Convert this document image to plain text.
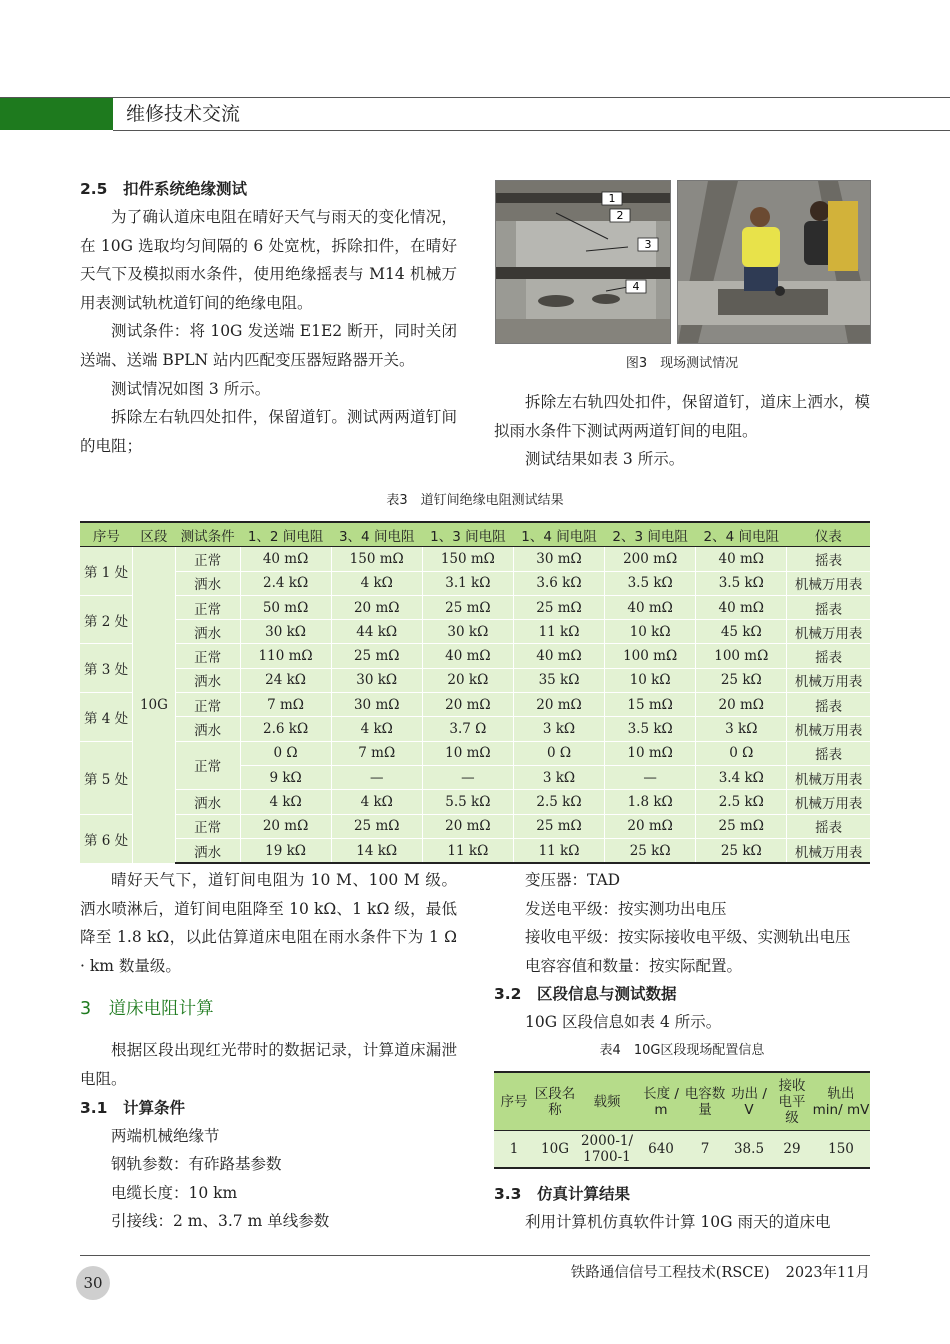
维修技术交流

2.5　扣件系统绝缘测试

为了确认道床电阻在晴好天气与雨天的变化情况，在 10G 选取均匀间隔的 6 处宽枕，拆除扣件，在晴好天气下及模拟雨水条件，使用绝缘摇表与 M14 机械万用表测试轨枕道钉间的绝缘电阻。

测试条件：将 10G 发送端 E1E2 断开，同时关闭送端、送端 BPLN 站内匹配变压器短路器开关。

测试情况如图 3 所示。

拆除左右轨四处扣件，保留道钉。测试两两道钉间的电阻；

1
2
3
4
图3　现场测试情况

拆除左右轨四处扣件，保留道钉，道床上洒水，模拟雨水条件下测试两两道钉间的电阻。

测试结果如表 3 所示。

表3　道钉间绝缘电阻测试结果
序号	区段	测试条件	1、2 间电阻	3、4 间电阻	1、3 间电阻	1、4 间电阻	2、3 间电阻	2、4 间电阻	仪表
第 1 处	10G	正常	40 mΩ	150 mΩ	150 mΩ	30 mΩ	200 mΩ	40 mΩ	摇表
		洒水	2.4 kΩ	4 kΩ	3.1 kΩ	3.6 kΩ	3.5 kΩ	3.5 kΩ	机械万用表
第 2 处		正常	50 mΩ	20 mΩ	25 mΩ	25 mΩ	40 mΩ	40 mΩ	摇表
		洒水	30 kΩ	44 kΩ	30 kΩ	11 kΩ	10 kΩ	45 kΩ	机械万用表
第 3 处		正常	110 mΩ	25 mΩ	40 mΩ	40 mΩ	100 mΩ	100 mΩ	摇表
		洒水	24 kΩ	30 kΩ	20 kΩ	35 kΩ	10 kΩ	25 kΩ	机械万用表
第 4 处		正常	7 mΩ	30 mΩ	20 mΩ	20 mΩ	15 mΩ	20 mΩ	摇表
		洒水	2.6 kΩ	4 kΩ	3.7 Ω	3 kΩ	3.5 kΩ	3 kΩ	机械万用表
第 5 处		正常	0 Ω	7 mΩ	10 mΩ	0 Ω	10 mΩ	0 Ω	摇表
			9 kΩ	—	—	3 kΩ	—	3.4 kΩ	机械万用表
		洒水	4 kΩ	4 kΩ	5.5 kΩ	2.5 kΩ	1.8 kΩ	2.5 kΩ	机械万用表
第 6 处		正常	20 mΩ	25 mΩ	20 mΩ	25 mΩ	20 mΩ	25 mΩ	摇表
		洒水	19 kΩ	14 kΩ	11 kΩ	11 kΩ	25 kΩ	25 kΩ	机械万用表

晴好天气下，道钉间电阻为 10 M、100 M 级。洒水喷淋后，道钉间电阻降至 10 kΩ、1 kΩ 级，最低降至 1.8 kΩ，以此估算道床电阻在雨水条件下为 1 Ω · km 数量级。

3　道床电阻计算

根据区段出现红光带时的数据记录，计算道床漏泄电阻。

3.1　计算条件

两端机械绝缘节

钢轨参数：有砟路基参数

电缆长度：10 km

引接线：2 m、3.7 m 单线参数

变压器：TAD

发送电平级：按实测功出电压

接收电平级：按实际接收电平级、实测轨出电压

电容容值和数量：按实际配置。

3.2　区段信息与测试数据

10G 区段信息如表 4 所示。

表4　10G区段现场配置信息
序号	区段名称	载频	长度 / m	电容数量	功出 / V	接收电平级	轨出 min/ mV
1	10G	2000-1/ 1700-1	640	7	38.5	29	150

3.3　仿真计算结果

利用计算机仿真软件计算 10G 雨天的道床电

30
铁路通信信号工程技术(RSCE) 2023年11月
